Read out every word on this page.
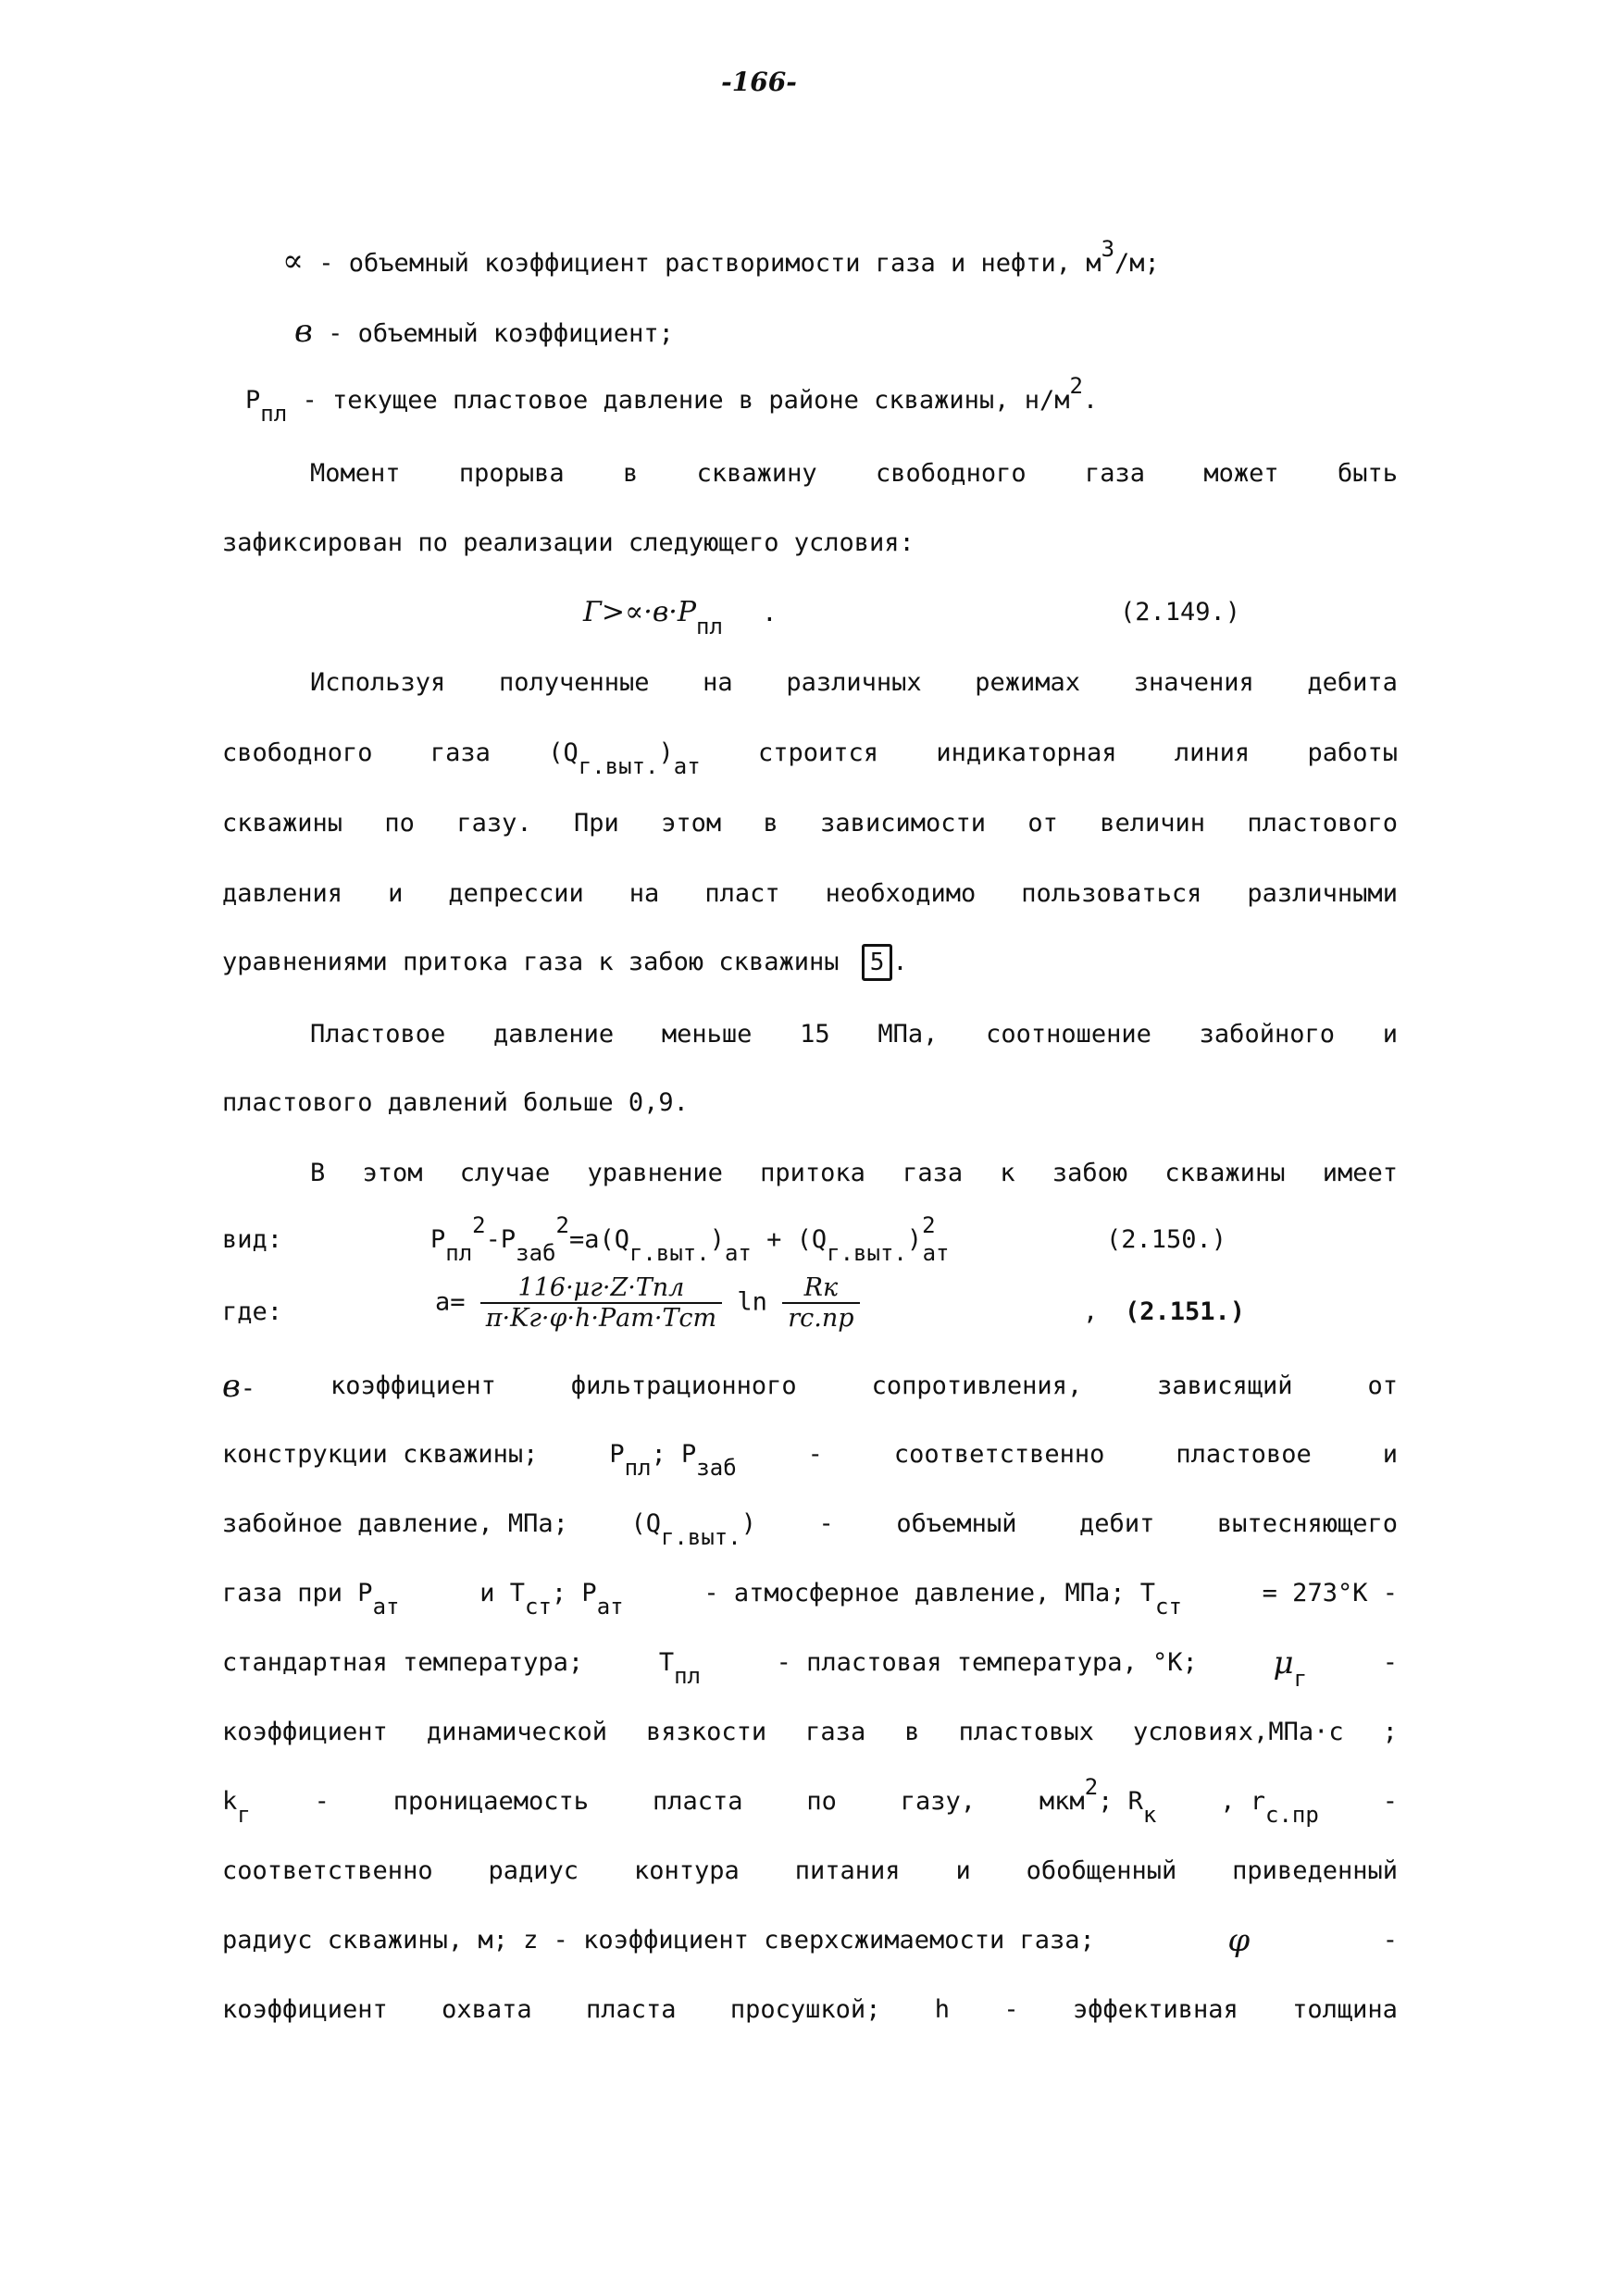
-166-
∝ - объемный коэффициент растворимости газа и нефти, м3/м;
в - объемный коэффициент;
Pпл - текущее пластовое давление в районе скважины, н/м2.
Момент прорыва в скважину свободного газа может быть
зафиксирован по реализации следующего условия:
Г>∝·в·Pпл .	(2.149.)
Используя полученные на различных режимах значения дебита
свободного газа (Qг.выт.)ат строится индикаторная линия работы
скважины по газу. При этом в зависимости от величин пластового
давления и депрессии на пласт необходимо пользоваться различными
уравнениями притока газа к забою скважины 5 .
Пластовое давление меньше 15 МПа, соотношение забойного и
пластового давлений больше 0,9.
В этом случае уравнение притока газа к забою скважины имеет
вид:	Pпл2-Pзаб2=a(Qг.выт.)ат + (Qг.выт.)2ат	(2.150.)
где:	$a= \frac{\text{116·μг·Z·Tпл}}{\text{π·Kг·φ·h·Pат·Tст}}$ $\ln \frac{Rк}{rс.пр}$	, (2.151.)
в-	коэффициент	фильтрационного	сопротивления,	зависящий	от
конструкции скважины;	Pпл; Pзаб	-	соответственно	пластовое	и
забойное давление, МПа;	(Qг.выт.)	-	объемный	дебит	вытесняющего
газа при Pат	и Tст; Pат	- атмосферное давление, МПа; Tст	= 273°K -
стандартная температура;	Tпл	- пластовая температура, °K; μг
-
коэффициент динамической вязкости газа в пластовых условиях,МПа·с ;
kг	-	проницаемость	пласта	по	газу,	мкм2; Rк	, rс.пр	-
соответственно радиус контура питания и обобщенный приведенный
радиус скважины, м; z - коэффициент сверхсжимаемости газа;	φ	-
коэффициент охвата пласта просушкой; h - эффективная толщина
